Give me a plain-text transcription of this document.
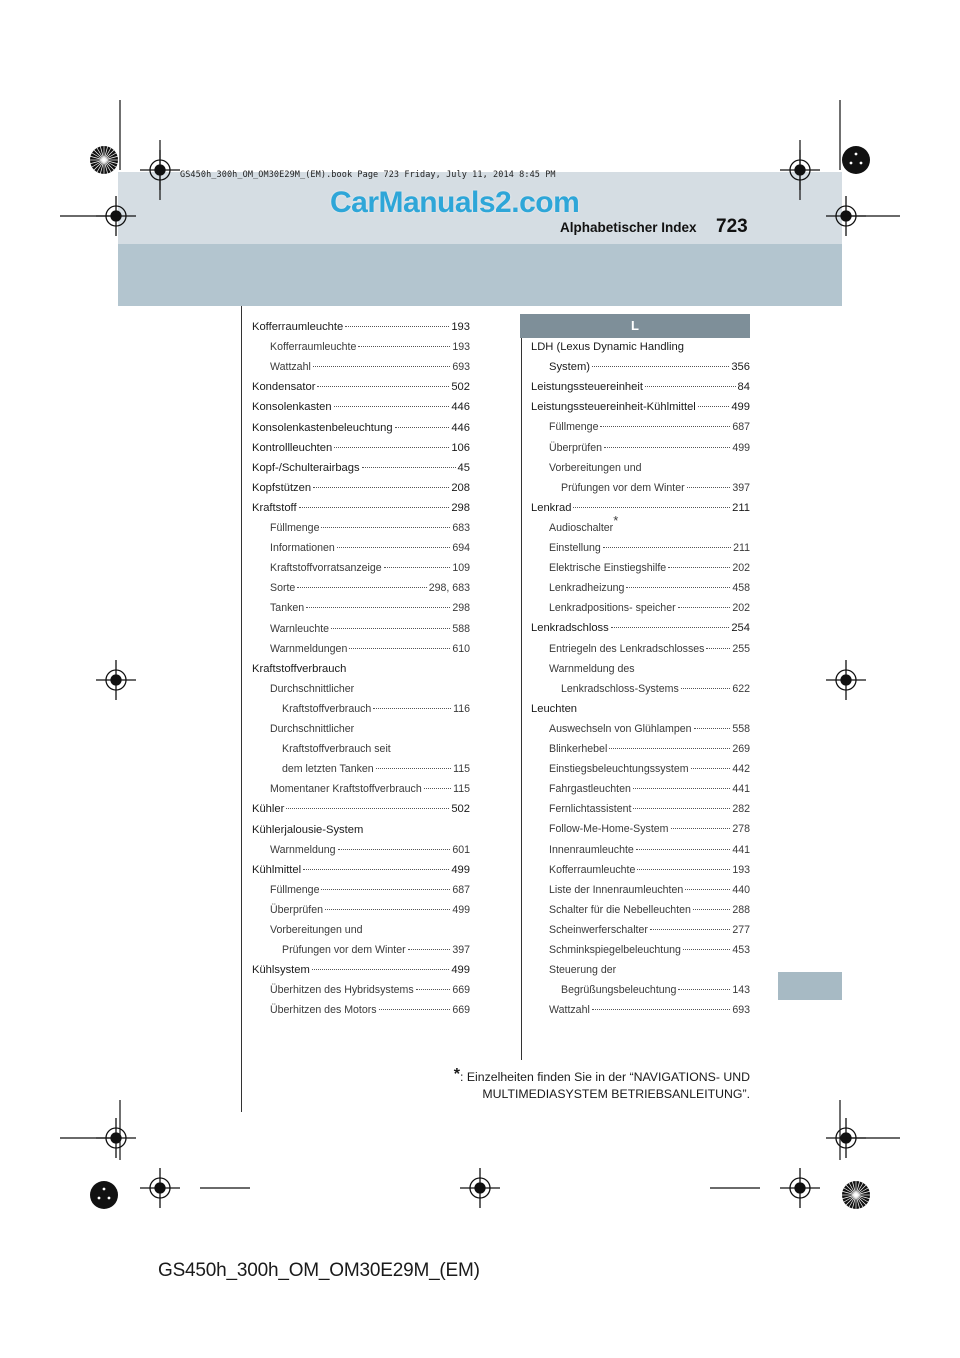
GS450h_300h_OM_OM30E29M_(EM).book Page 723 Friday, July 11, 2014 8:45 PM
CarManuals2.com
Alphabetischer Index 723
Kofferraumleuchte	193
Kofferraumleuchte	193
Wattzahl	693
Kondensator	502
Konsolenkasten	446
Konsolenkastenbeleuchtung	446
Kontrollleuchten	106
Kopf-/Schulterairbags	45
Kopfstützen	208
Kraftstoff	298
Füllmenge	683
Informationen	694
Kraftstoffvorratsanzeige	109
Sorte	298, 683
Tanken	298
Warnleuchte	588
Warnmeldungen	610
Kraftstoffverbrauch
Durchschnittlicher
Kraftstoffverbrauch	116
Durchschnittlicher
Kraftstoffverbrauch seit
dem letzten Tanken	115
Momentaner Kraftstoffverbrauch	115
Kühler	502
Kühlerjalousie-System
Warnmeldung	601
Kühlmittel	499
Füllmenge	687
Überprüfen	499
Vorbereitungen und
Prüfungen vor dem Winter	397
Kühlsystem	499
Überhitzen des Hybridsystems	669
Überhitzen des Motors	669
L
LDH (Lexus Dynamic Handling
System)	356
Leistungssteuereinheit	84
Leistungssteuereinheit-Kühlmittel	499
Füllmenge	687
Überprüfen	499
Vorbereitungen und
Prüfungen vor dem Winter	397
Lenkrad	211
Audioschalter*
Einstellung	211
Elektrische Einstiegshilfe	202
Lenkradheizung	458
Lenkradpositions- speicher	202
Lenkradschloss	254
Entriegeln des Lenkradschlosses	255
Warnmeldung des
Lenkradschloss-Systems	622
Leuchten
Auswechseln von Glühlampen	558
Blinkerhebel	269
Einstiegsbeleuchtungssystem	442
Fahrgastleuchten	441
Fernlichtassistent	282
Follow-Me-Home-System	278
Innenraumleuchte	441
Kofferraumleuchte	193
Liste der Innenraumleuchten	440
Schalter für die Nebelleuchten	288
Scheinwerferschalter	277
Schminkspiegelbeleuchtung	453
Steuerung der
Begrüßungsbeleuchtung	143
Wattzahl	693
*: Einzelheiten finden Sie in der “NAVIGATIONS- UND
MULTIMEDIASYSTEM BETRIEBSANLEITUNG”.
GS450h_300h_OM_OM30E29M_(EM)
